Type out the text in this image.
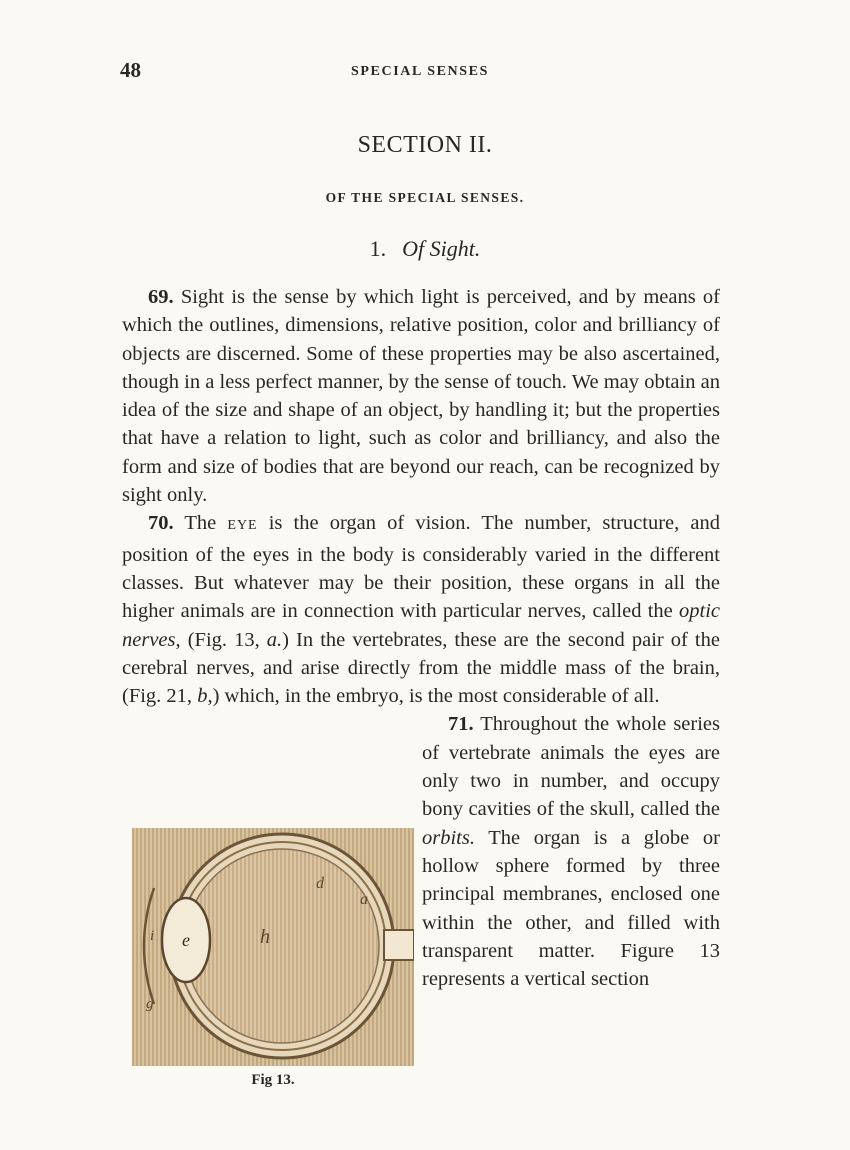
48	SPECIAL SENSES
SECTION II.
OF THE SPECIAL SENSES.
1. Of Sight.

69. Sight is the sense by which light is perceived, and by means of which the outlines, dimensions, relative position, color and brilliancy of objects are discerned. Some of these properties may be also ascertained, though in a less perfect manner, by the sense of touch. We may obtain an idea of the size and shape of an object, by handling it; but the properties that have a relation to light, such as color and brilliancy, and also the form and size of bodies that are beyond our reach, can be recognized by sight only.

70. The EYE is the organ of vision. The number, structure, and position of the eyes in the body is considerably varied in the different classes. But whatever may be their position, these organs in all the higher animals are in connection with particular nerves, called the optic nerves, (Fig. 13, a.) In the vertebrates, these are the second pair of the cerebral nerves, and arise directly from the middle mass of the brain, (Fig. 21, b,) which, in the embryo, is the most considerable of all.

71. Throughout the whole series of vertebrate animals the eyes are only two in number, and occupy bony cavities of the skull, called the orbits. The organ is a globe or hollow sphere formed by three principal membranes, enclosed one within the other, and filled with transparent matter. Figure 13 represents a vertical section

e	h
d
a
i
g
Fig 13.
